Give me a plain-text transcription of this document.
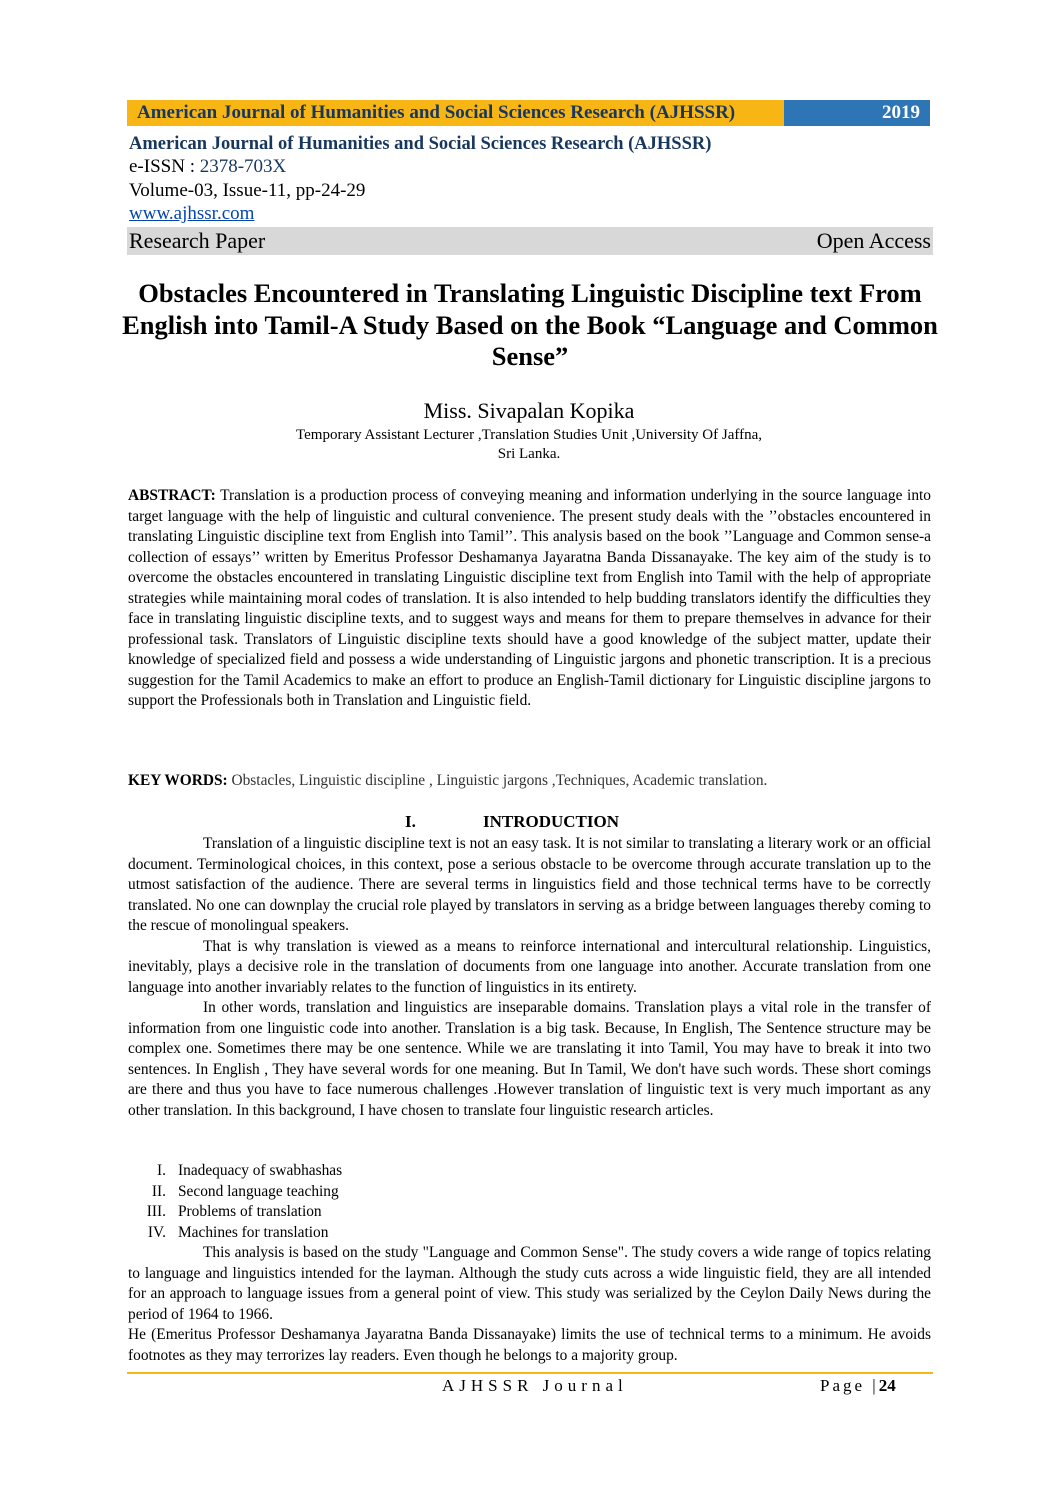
American Journal of Humanities and Social Sciences Research (AJHSSR)	2019
American Journal of Humanities and Social Sciences Research (AJHSSR)
e-ISSN : 2378-703X
Volume-03, Issue-11, pp-24-29
www.ajhssr.com
Research Paper	Open Access
Obstacles Encountered in Translating Linguistic Discipline text From English into Tamil-A Study Based on the Book “Language and Common Sense”
Miss. Sivapalan Kopika
Temporary Assistant Lecturer ,Translation Studies Unit ,University Of Jaffna,
Sri Lanka.

ABSTRACT: Translation is a production process of conveying meaning and information underlying in the source language into target language with the help of linguistic and cultural convenience. The present study deals with the ’’obstacles encountered in translating Linguistic discipline text from English into Tamil’’. This analysis based on the book ’’Language and Common sense-a collection of essays’’ written by Emeritus Professor Deshamanya Jayaratna Banda Dissanayake. The key aim of the study is to overcome the obstacles encountered in translating Linguistic discipline text from English into Tamil with the help of appropriate strategies while maintaining moral codes of translation. It is also intended to help budding translators identify the difficulties they face in translating linguistic discipline texts, and to suggest ways and means for them to prepare themselves in advance for their professional task. Translators of Linguistic discipline texts should have a good knowledge of the subject matter, update their knowledge of specialized field and possess a wide understanding of Linguistic jargons and phonetic transcription. It is a precious suggestion for the Tamil Academics to make an effort to produce an English-Tamil dictionary for Linguistic discipline jargons to support the Professionals both in Translation and Linguistic field.

KEY WORDS: Obstacles, Linguistic discipline , Linguistic jargons ,Techniques, Academic translation.

I.	INTRODUCTION

Translation of a linguistic discipline text is not an easy task. It is not similar to translating a literary work or an official document. Terminological choices, in this context, pose a serious obstacle to be overcome through accurate translation up to the utmost satisfaction of the audience. There are several terms in linguistics field and those technical terms have to be correctly translated. No one can downplay the crucial role played by translators in serving as a bridge between languages thereby coming to the rescue of monolingual speakers.

That is why translation is viewed as a means to reinforce international and intercultural relationship. Linguistics, inevitably, plays a decisive role in the translation of documents from one language into another. Accurate translation from one language into another invariably relates to the function of linguistics in its entirety.

In other words, translation and linguistics are inseparable domains. Translation plays a vital role in the transfer of information from one linguistic code into another. Translation is a big task. Because, In English, The Sentence structure may be complex one. Sometimes there may be one sentence. While we are translating it into Tamil, You may have to break it into two sentences. In English , They have several words for one meaning. But In Tamil, We don't have such words. These short comings are there and thus you have to face numerous challenges .However translation of linguistic text is very much important as any other translation. In this background, I have chosen to translate four linguistic research articles.

I. Inadequacy of swabhashas
II. Second language teaching
III. Problems of translation
IV. Machines for translation

This analysis is based on the study "Language and Common Sense". The study covers a wide range of topics relating to language and linguistics intended for the layman. Although the study cuts across a wide linguistic field, they are all intended for an approach to language issues from a general point of view. This study was serialized by the Ceylon Daily News during the period of 1964 to 1966.

He (Emeritus Professor Deshamanya Jayaratna Banda Dissanayake) limits the use of technical terms to a minimum. He avoids footnotes as they may terrorizes lay readers. Even though he belongs to a majority group.

AJHSSR Journal	Page |24
